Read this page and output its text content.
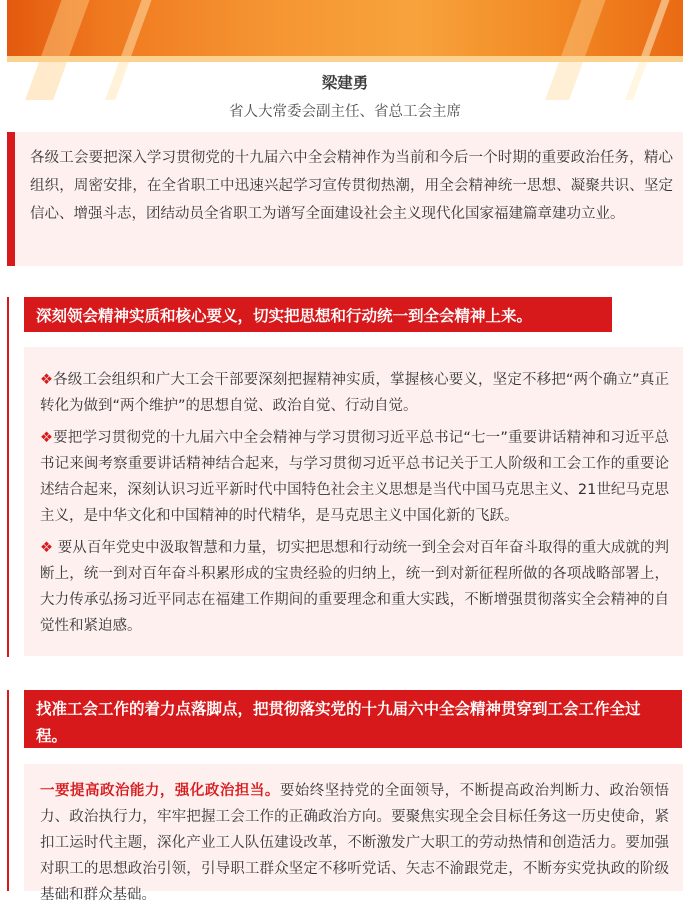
梁建勇
省人大常委会副主任、省总工会主席

各级工会要把深入学习贯彻党的十九届六中全会精神作为当前和今后一个时期的重要政治任务，精心组织，周密安排，在全省职工中迅速兴起学习宣传贯彻热潮，用全会精神统一思想、凝聚共识、坚定信心、增强斗志，团结动员全省职工为谱写全面建设社会主义现代化国家福建篇章建功立业。

深刻领会精神实质和核心要义，切实把思想和行动统一到全会精神上来。

❖各级工会组织和广大工会干部要深刻把握精神实质，掌握核心要义，坚定不移把“两个确立”真正转化为做到“两个维护”的思想自觉、政治自觉、行动自觉。

❖要把学习贯彻党的十九届六中全会精神与学习贯彻习近平总书记“七一”重要讲话精神和习近平总书记来闽考察重要讲话精神结合起来，与学习贯彻习近平总书记关于工人阶级和工会工作的重要论述结合起来，深刻认识习近平新时代中国特色社会主义思想是当代中国马克思主义、21世纪马克思主义，是中华文化和中国精神的时代精华，是马克思主义中国化新的飞跃。

❖ 要从百年党史中汲取智慧和力量，切实把思想和行动统一到全会对百年奋斗取得的重大成就的判断上，统一到对百年奋斗积累形成的宝贵经验的归纳上，统一到对新征程所做的各项战略部署上，大力传承弘扬习近平同志在福建工作期间的重要理念和重大实践，不断增强贯彻落实全会精神的自觉性和紧迫感。

找准工会工作的着力点落脚点，把贯彻落实党的十九届六中全会精神贯穿到工会工作全过程。

一要提高政治能力，强化政治担当。要始终坚持党的全面领导，不断提高政治判断力、政治领悟力、政治执行力，牢牢把握工会工作的正确政治方向。要聚焦实现全会目标任务这一历史使命，紧扣工运时代主题，深化产业工人队伍建设改革，不断激发广大职工的劳动热情和创造活力。要加强对职工的思想政治引领，引导职工群众坚定不移听党话、矢志不渝跟党走，不断夯实党执政的阶级基础和群众基础。
